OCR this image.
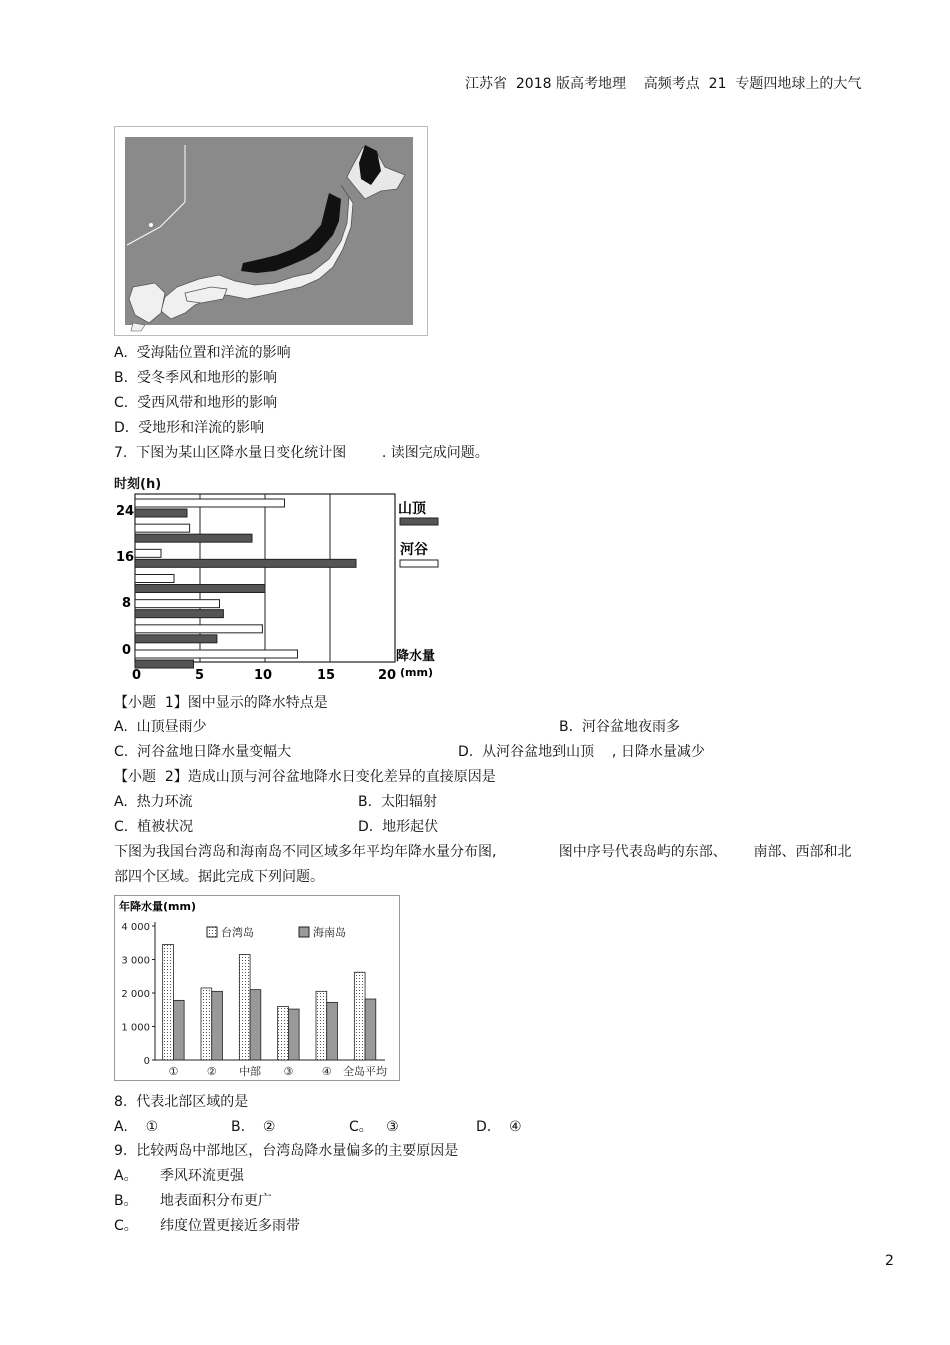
江苏省  2018 版高考地理    高频考点  21  专题四地球上的大气
A.  受海陆位置和洋流的影响
B.  受冬季风和地形的影响
C.  受西风带和地形的影响
D.  受地形和洋流的影响
7.  下图为某山区降水量日变化统计图        . 读图完成问题。
时刻(h)
24
16
8
0
0	5	10	15	20
山顶
河谷
降水量
(mm)
【小题  1】图中显示的降水特点是
A.  山顶昼雨少	B.  河谷盆地夜雨多
C.  河谷盆地日降水量变幅大	D.  从河谷盆地到山顶    , 日降水量减少
【小题  2】造成山顶与河谷盆地降水日变化差异的直接原因是
A.  热力环流	B.  太阳辐射
C.  植被状况	D.  地形起伏
下图为我国台湾岛和海南岛不同区域多年平均年降水量分布图,              图中序号代表岛屿的东部、      南部、西部和北
部四个区域。据此完成下列问题。
年降水量(mm)
0
1 000
2 000
3 000
4 000
①	② 中部 ③	④ 全岛平均
台湾岛	海南岛
8.  代表北部区域的是
A.    ①	B.    ②	C。   ③	D.    ④
9.  比较两岛中部地区，台湾岛降水量偏多的主要原因是
A。     季风环流更强
B。     地表面积分布更广
C。     纬度位置更接近多雨带
2
